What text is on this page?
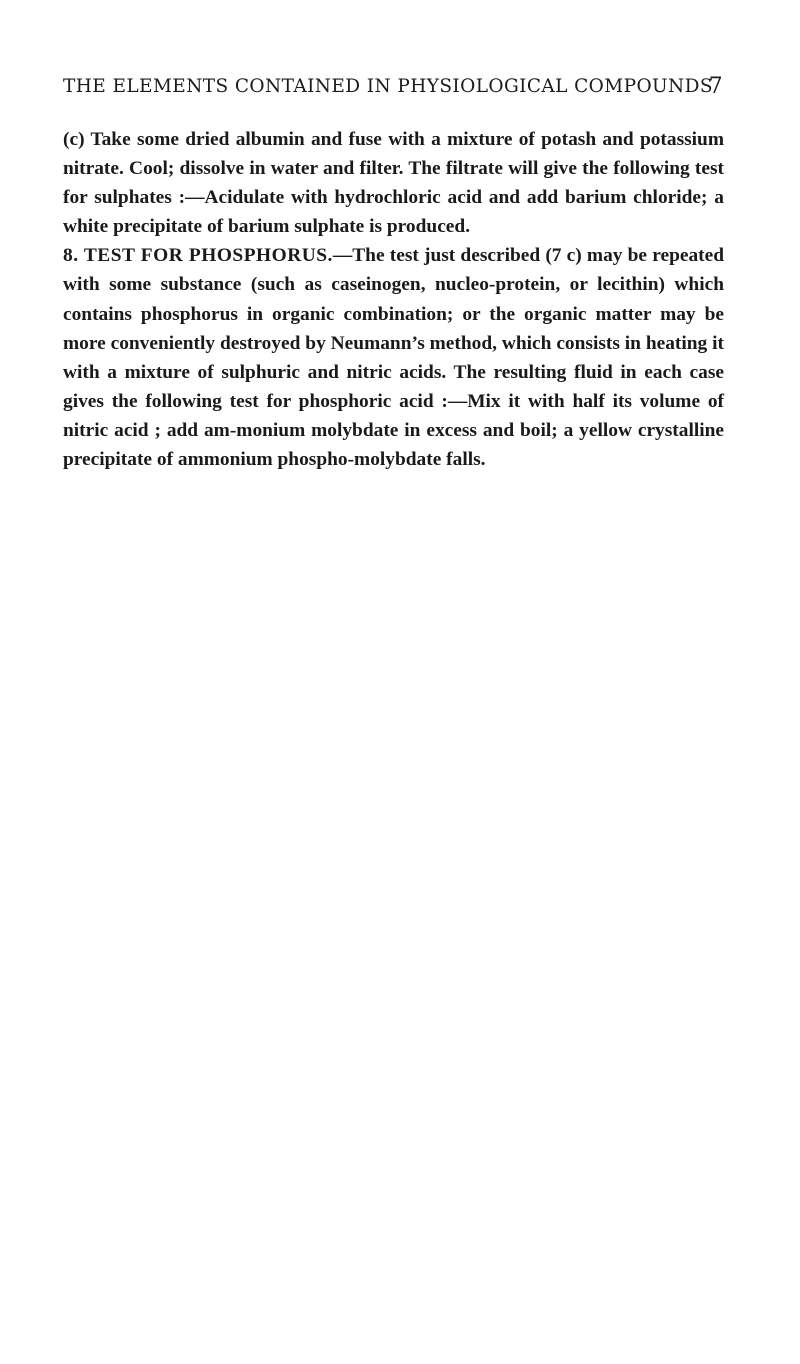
THE ELEMENTS CONTAINED IN PHYSIOLOGICAL COMPOUNDS
7

(c) Take some dried albumin and fuse with a mixture of potash and potassium nitrate. Cool; dissolve in water and filter. The filtrate will give the following test for sulphates :—Acidulate with hydrochloric acid and add barium chloride; a white precipitate of barium sulphate is produced.

8. TEST FOR PHOSPHORUS.—The test just described (7 c) may be repeated with some substance (such as caseinogen, nucleo-protein, or lecithin) which contains phosphorus in organic combination; or the organic matter may be more conveniently destroyed by Neumann’s method, which consists in heating it with a mixture of sulphuric and nitric acids. The resulting fluid in each case gives the following test for phosphoric acid :—Mix it with half its volume of nitric acid ; add am-monium molybdate in excess and boil; a yellow crystalline precipitate of ammonium phospho-molybdate falls.
